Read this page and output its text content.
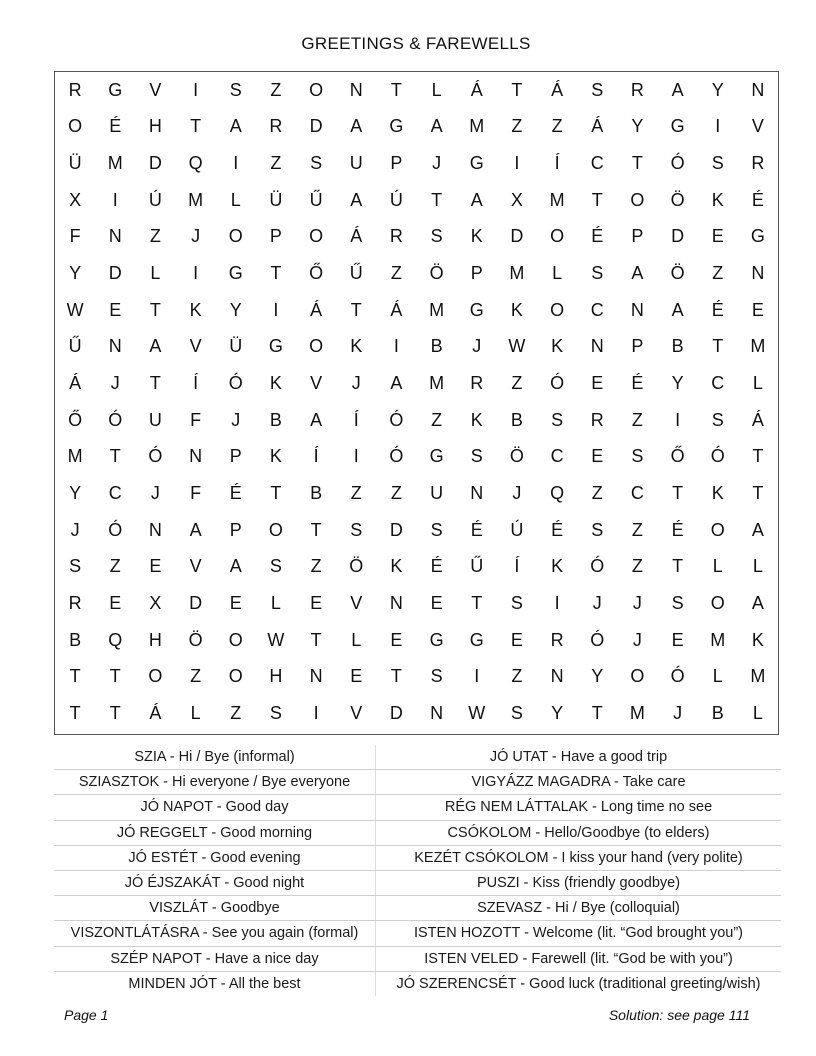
GREETINGS & FAREWELLS
R	G	V	I	S	Z	O	N	T	L	Á	T	Á	S	R	A	Y	N
O	É	H	T	A	R	D	A	G	A	M	Z	Z	Á	Y	G	I	V
Ü	M	D	Q	I	Z	S	U	P	J	G	I	Í	C	T	Ó	S	R
X	I	Ú	M	L	Ü	Ű	A	Ú	T	A	X	M	T	O	Ö	K	É
F	N	Z	J	O	P	O	Á	R	S	K	D	O	É	P	D	E	G
Y	D	L	I	G	T	Ő	Ű	Z	Ö	P	M	L	S	A	Ö	Z	N
W	E	T	K	Y	I	Á	T	Á	M	G	K	O	C	N	A	É	E
Ű	N	A	V	Ü	G	O	K	I	B	J	W	K	N	P	B	T	M
Á	J	T	Í	Ó	K	V	J	A	M	R	Z	Ó	E	É	Y	C	L
Ő	Ó	U	F	J	B	A	Í	Ó	Z	K	B	S	R	Z	I	S	Á
M	T	Ó	N	P	K	Í	I	Ó	G	S	Ö	C	E	S	Ő	Ó	T
Y	C	J	F	É	T	B	Z	Z	U	N	J	Q	Z	C	T	K	T
J	Ó	N	A	P	O	T	S	D	S	É	Ú	É	S	Z	É	O	A
S	Z	E	V	A	S	Z	Ö	K	É	Ű	Í	K	Ó	Z	T	L	L
R	E	X	D	E	L	E	V	N	E	T	S	I	J	J	S	O	A
B	Q	H	Ö	O	W	T	L	E	G	G	E	R	Ó	J	E	M	K
T	T	O	Z	O	H	N	E	T	S	I	Z	N	Y	O	Ó	L	M
T	T	Á	L	Z	S	I	V	D	N	W	S	Y	T	M	J	B	L
SZIA - Hi / Bye (informal)	JÓ UTAT - Have a good trip
SZIASZTOK - Hi everyone / Bye everyone	VIGYÁZZ MAGADRA - Take care
JÓ NAPOT - Good day	RÉG NEM LÁTTALAK - Long time no see
JÓ REGGELT - Good morning	CSÓKOLOM - Hello/Goodbye (to elders)
JÓ ESTÉT - Good evening	KEZÉT CSÓKOLOM - I kiss your hand (very polite)
JÓ ÉJSZAKÁT - Good night	PUSZI - Kiss (friendly goodbye)
VISZLÁT - Goodbye	SZEVASZ - Hi / Bye (colloquial)
VISZONTLÁTÁSRA - See you again (formal)	ISTEN HOZOTT - Welcome (lit. “God brought you”)
SZÉP NAPOT - Have a nice day	ISTEN VELED - Farewell (lit. “God be with you”)
MINDEN JÓT - All the best	JÓ SZERENCSÉT - Good luck (traditional greeting/wish)
Page 1	Solution: see page 111
